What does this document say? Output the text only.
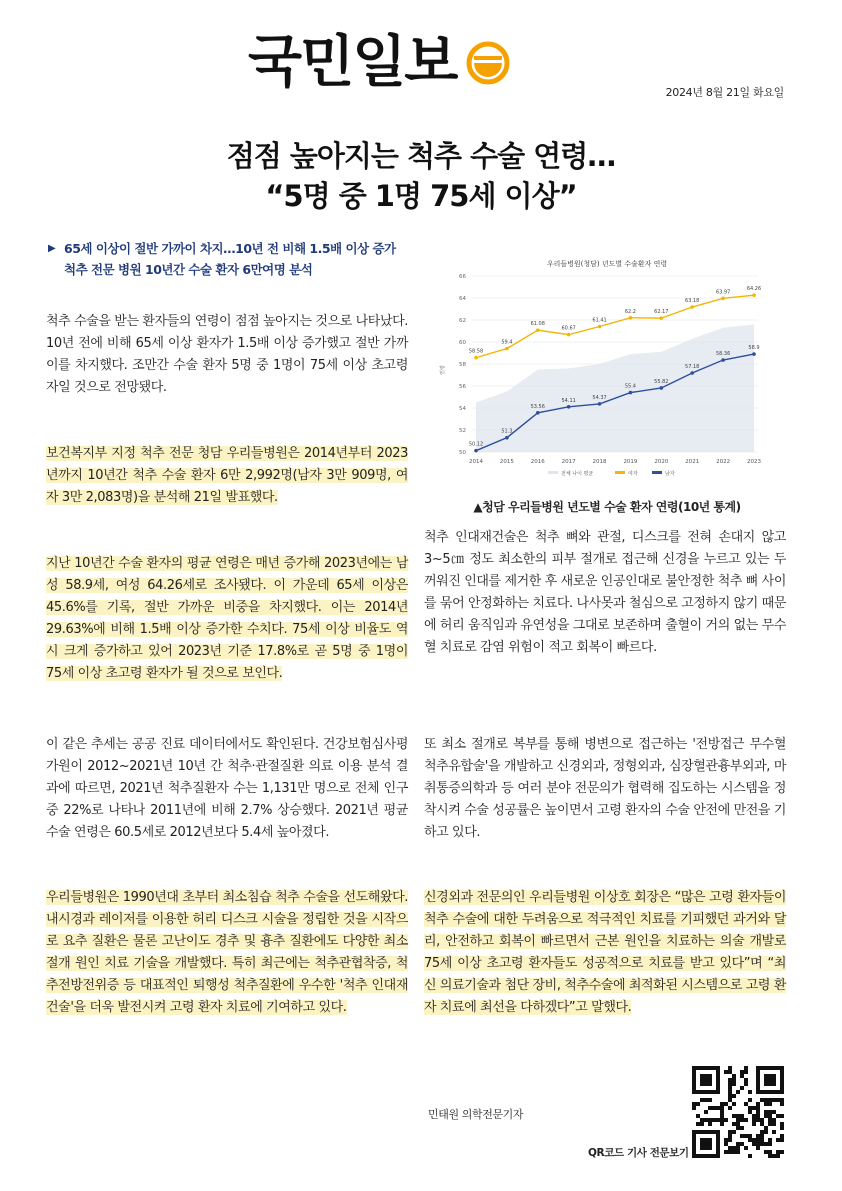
국민일보	2024년 8월 21일 화요일
점점 높아지는 척추 수술 연령…
“5명 중 1명 75세 이상”
▶ 65세 이상이 절반 가까이 차지…10년 전 비해 1.5배 이상 증가
척추 전문 병원 10년간 수술 환자 6만여명 분석

척추 수술을 받는 환자들의 연령이 점점 높아지는 것으로 나타났다. 10년 전에 비해 65세 이상 환자가 1.5배 이상 증가했고 절반 가까이를 차지했다. 조만간 수술 환자 5명 중 1명이 75세 이상 초고령자일 것으로 전망됐다.

보건복지부 지정 척추 전문 청담 우리들병원은 2014년부터 2023년까지 10년간 척추 수술 환자 6만 2,992명(남자 3만 909명, 여자 3만 2,083명)을 분석해 21일 발표했다.

지난 10년간 수술 환자의 평균 연령은 매년 증가해 2023년에는 남성 58.9세, 여성 64.26세로 조사됐다. 이 가운데 65세 이상은 45.6%를 기록, 절반 가까운 비중을 차지했다. 이는 2014년 29.63%에 비해 1.5배 이상 증가한 수치다. 75세 이상 비율도 역시 크게 증가하고 있어 2023년 기준 17.8%로 곧 5명 중 1명이 75세 이상 초고령 환자가 될 것으로 보인다.

이 같은 추세는 공공 진료 데이터에서도 확인된다. 건강보험심사평가원이 2012~2021년 10년 간 척추·관절질환 의료 이용 분석 결과에 따르면, 2021년 척추질환자 수는 1,131만 명으로 전체 인구 중 22%로 나타나 2011년에 비해 2.7% 상승했다. 2021년 평균 수술 연령은 60.5세로 2012년보다 5.4세 높아졌다.

우리들병원은 1990년대 초부터 최소침습 척추 수술을 선도해왔다. 내시경과 레이저를 이용한 허리 디스크 시술을 정립한 것을 시작으로 요추 질환은 물론 고난이도 경추 및 흉추 질환에도 다양한 최소절개 원인 치료 기술을 개발했다. 특히 최근에는 척추관협착증, 척추전방전위증 등 대표적인 퇴행성 척추질환에 우수한 '척추 인대재건술'을 더욱 발전시켜 고령 환자 치료에 기여하고 있다.

우리들병원(청담) 년도별 수술환자 연령
연령
50
52
54
56
58
60
62
64
66
2014	2015	2016	2017	2018	2019	2020	2021	2022	2023
58.58
59.4
61.08
60.67
61.41
62.2	62.17
63.18
63.97
64.26
50.12
51.3
53.56
54.11	54.37
55.4
55.82
57.18
58.36
58.9
전체 나이 평균	여자	남자
▲청담 우리들병원 년도별 수술 환자 연령(10년 통계)

척추 인대재건술은 척추 뼈와 관절, 디스크를 전혀 손대지 않고 3~5㎝ 정도 최소한의 피부 절개로 접근해 신경을 누르고 있는 두꺼워진 인대를 제거한 후 새로운 인공인대로 불안정한 척추 뼈 사이를 묶어 안정화하는 치료다. 나사못과 철심으로 고정하지 않기 때문에 허리 움직임과 유연성을 그대로 보존하며 출혈이 거의 없는 무수혈 치료로 감염 위험이 적고 회복이 빠르다.

또 최소 절개로 복부를 통해 병변으로 접근하는 '전방접근 무수혈 척추유합술'을 개발하고 신경외과, 정형외과, 심장혈관흉부외과, 마취통증의학과 등 여러 분야 전문의가 협력해 집도하는 시스템을 정착시켜 수술 성공률은 높이면서 고령 환자의 수술 안전에 만전을 기하고 있다.

신경외과 전문의인 우리들병원 이상호 회장은 “많은 고령 환자들이 척추 수술에 대한 두려움으로 적극적인 치료를 기피했던 과거와 달리, 안전하고 회복이 빠르면서 근본 원인을 치료하는 의술 개발로 75세 이상 초고령 환자들도 성공적으로 치료를 받고 있다”며 “최신 의료기술과 첨단 장비, 척추수술에 최적화된 시스템으로 고령 환자 치료에 최선을 다하겠다”고 말했다.

민태원 의학전문기자
QR코드 기사 전문보기
